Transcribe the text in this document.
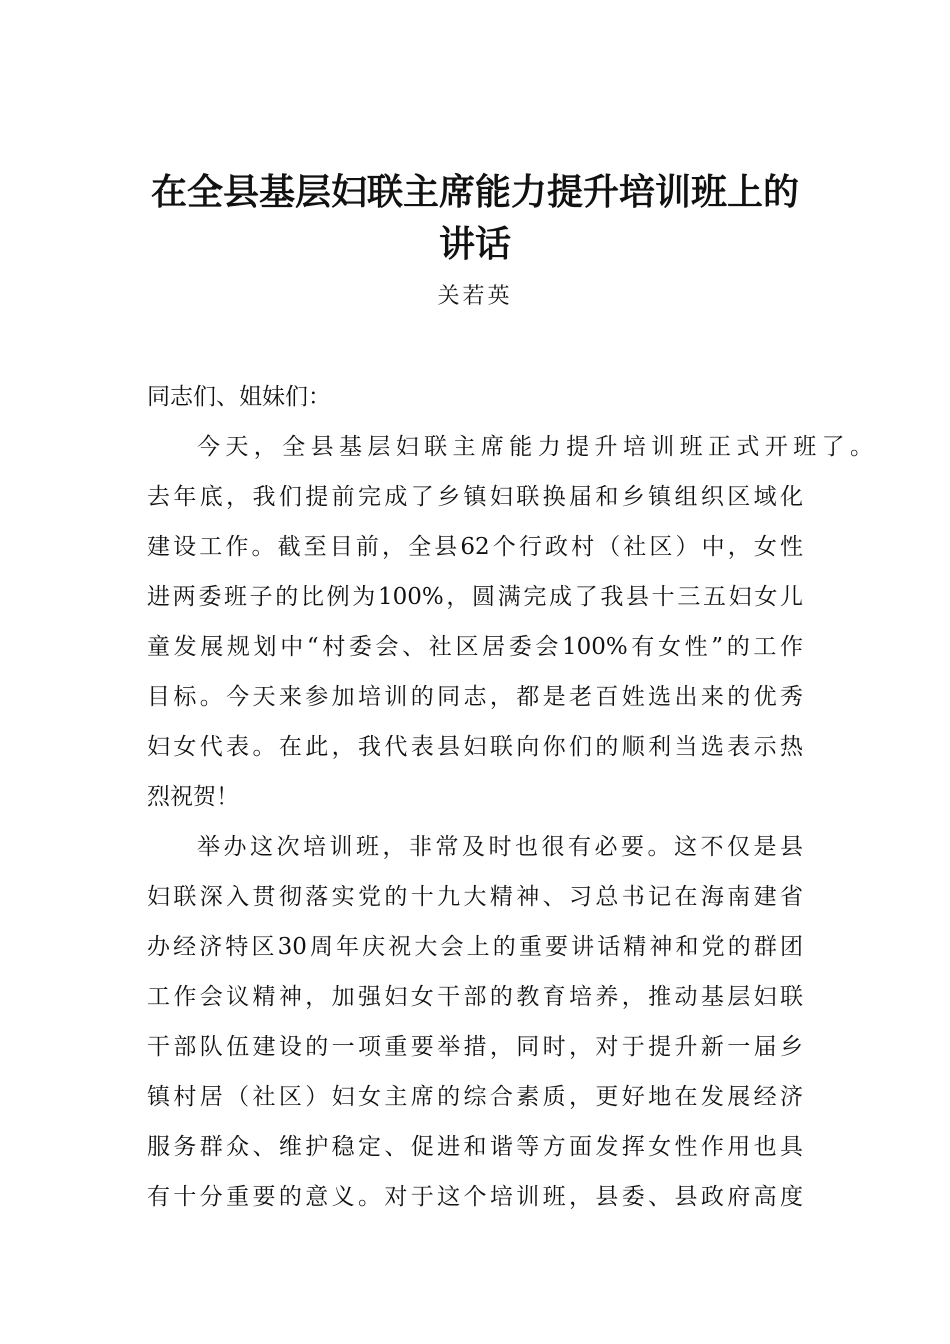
在全县基层妇联主席能力提升培训班上的
讲话

关若英

同志们、姐妹们：

今天，全县基层妇联主席能力提升培训班正式开班了。

去年底，我们提前完成了乡镇妇联换届和乡镇组织区域化

建设工作。截至目前，全县62个行政村（社区）中，女性

进两委班子的比例为100%，圆满完成了我县十三五妇女儿

童发展规划中“村委会、社区居委会100%有女性”的工作

目标。今天来参加培训的同志，都是老百姓选出来的优秀

妇女代表。在此，我代表县妇联向你们的顺利当选表示热

烈祝贺！

举办这次培训班，非常及时也很有必要。这不仅是县

妇联深入贯彻落实党的十九大精神、习总书记在海南建省

办经济特区30周年庆祝大会上的重要讲话精神和党的群团

工作会议精神，加强妇女干部的教育培养，推动基层妇联

干部队伍建设的一项重要举措，同时，对于提升新一届乡

镇村居（社区）妇女主席的综合素质，更好地在发展经济

服务群众、维护稳定、促进和谐等方面发挥女性作用也具

有十分重要的意义。对于这个培训班，县委、县政府高度
